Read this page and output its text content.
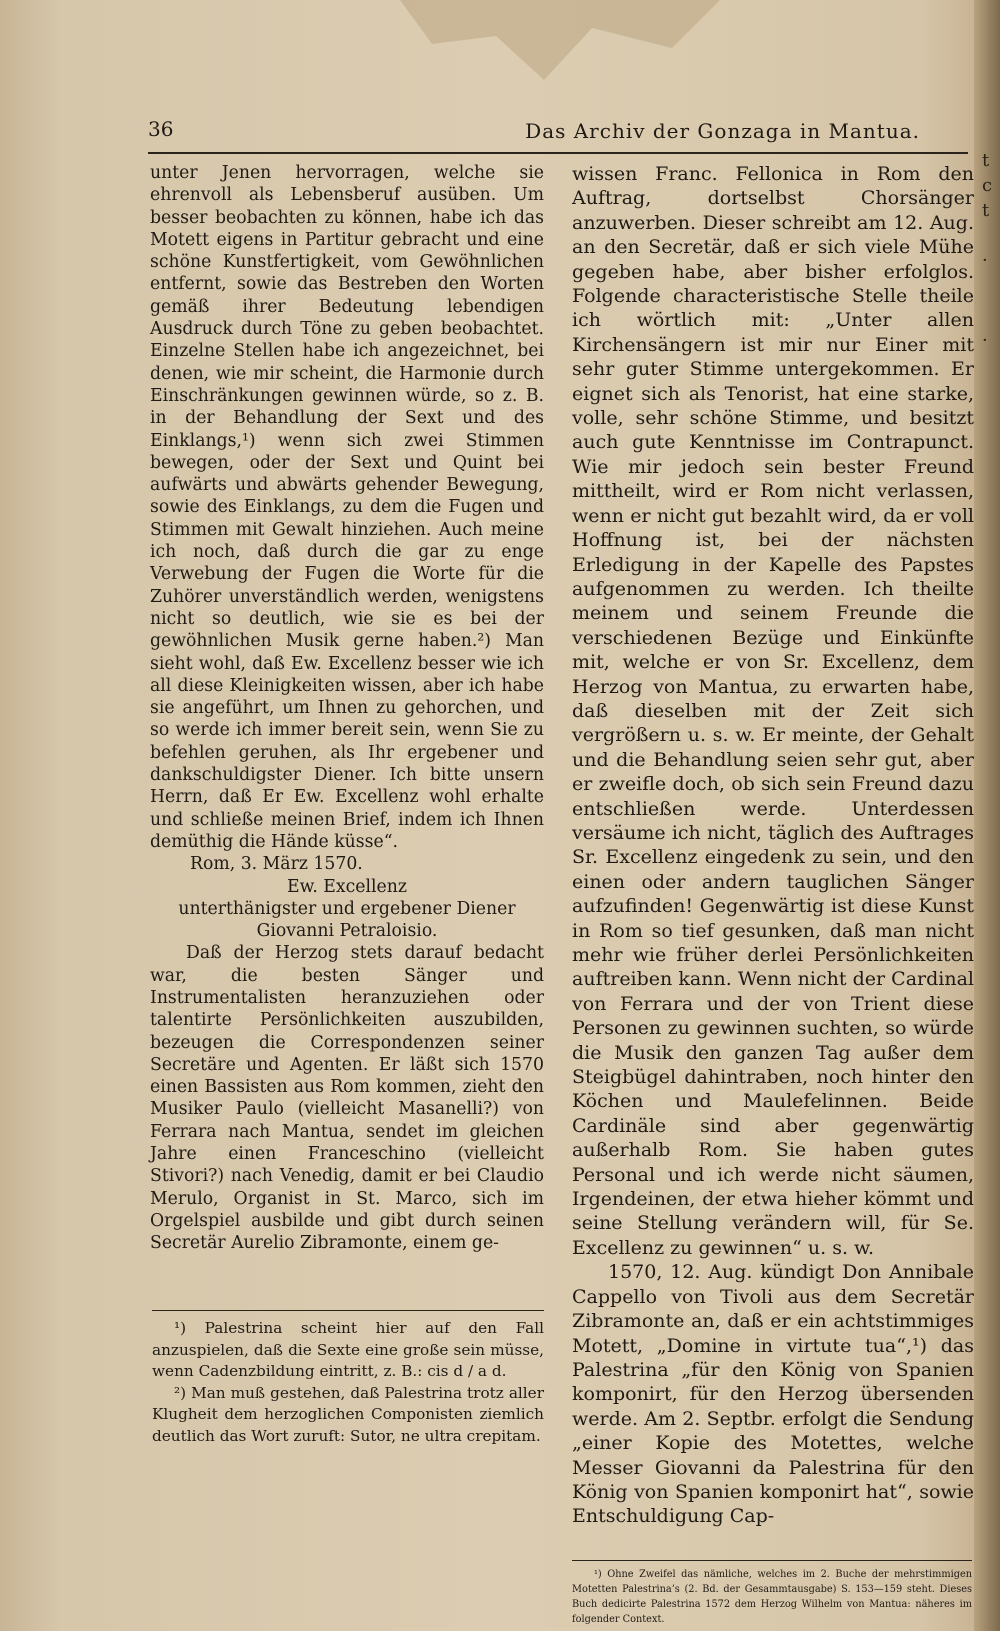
t
c
t
·
·
36	Das Archiv der Gonzaga in Mantua.

unter Jenen hervorragen, welche sie ehrenvoll als Lebensberuf ausüben. Um besser beobachten zu können, habe ich das Motett eigens in Partitur gebracht und eine schöne Kunstfertigkeit, vom Gewöhnlichen entfernt, sowie das Bestreben den Worten gemäß ihrer Bedeutung lebendigen Ausdruck durch Töne zu geben beobachtet. Einzelne Stellen habe ich angezeichnet, bei denen, wie mir scheint, die Harmonie durch Einschränkungen gewinnen würde, so z. B. in der Behandlung der Sext und des Einklangs,¹) wenn sich zwei Stimmen bewegen, oder der Sext und Quint bei aufwärts und abwärts gehender Bewegung, sowie des Einklangs, zu dem die Fugen und Stimmen mit Gewalt hinziehen. Auch meine ich noch, daß durch die gar zu enge Verwebung der Fugen die Worte für die Zuhörer unverständlich werden, wenigstens nicht so deutlich, wie sie es bei der gewöhnlichen Musik gerne haben.²) Man sieht wohl, daß Ew. Excellenz besser wie ich all diese Kleinigkeiten wissen, aber ich habe sie angeführt, um Ihnen zu gehorchen, und so werde ich immer bereit sein, wenn Sie zu befehlen geruhen, als Ihr ergebener und dankschuldigster Diener. Ich bitte unsern Herrn, daß Er Ew. Excellenz wohl erhalte und schließe meinen Brief, indem ich Ihnen demüthig die Hände küsse“.

Rom, 3. März 1570.

Ew. Excellenz

unterthänigster und ergebener Diener

Giovanni Petraloisio.

Daß der Herzog stets darauf bedacht war, die besten Sänger und Instrumentalisten heranzuziehen oder talentirte Persönlichkeiten auszubilden, bezeugen die Correspondenzen seiner Secretäre und Agenten. Er läßt sich 1570 einen Bassisten aus Rom kommen, zieht den Musiker Paulo (vielleicht Masanelli?) von Ferrara nach Mantua, sendet im gleichen Jahre einen Franceschino (vielleicht Stivori?) nach Venedig, damit er bei Claudio Merulo, Organist in St. Marco, sich im Orgelspiel ausbilde und gibt durch seinen Secretär Aurelio Zibramonte, einem ge-

¹) Palestrina scheint hier auf den Fall anzuspielen, daß die Sexte eine große sein müsse, wenn Cadenzbildung eintritt, z. B.: cis d / a d.

²) Man muß gestehen, daß Palestrina trotz aller Klugheit dem herzoglichen Componisten ziemlich deutlich das Wort zuruft: Sutor, ne ultra crepitam.

wissen Franc. Fellonica in Rom den Auftrag, dortselbst Chorsänger anzuwerben. Dieser schreibt am 12. Aug. an den Secretär, daß er sich viele Mühe gegeben habe, aber bisher erfolglos. Folgende characteristische Stelle theile ich wörtlich mit: „Unter allen Kirchensängern ist mir nur Einer mit sehr guter Stimme untergekommen. Er eignet sich als Tenorist, hat eine starke, volle, sehr schöne Stimme, und besitzt auch gute Kenntnisse im Contrapunct. Wie mir jedoch sein bester Freund mittheilt, wird er Rom nicht verlassen, wenn er nicht gut bezahlt wird, da er voll Hoffnung ist, bei der nächsten Erledigung in der Kapelle des Papstes aufgenommen zu werden. Ich theilte meinem und seinem Freunde die verschiedenen Bezüge und Einkünfte mit, welche er von Sr. Excellenz, dem Herzog von Mantua, zu erwarten habe, daß dieselben mit der Zeit sich vergrößern u. s. w. Er meinte, der Gehalt und die Behandlung seien sehr gut, aber er zweifle doch, ob sich sein Freund dazu entschließen werde. Unterdessen versäume ich nicht, täglich des Auftrages Sr. Excellenz eingedenk zu sein, und den einen oder andern tauglichen Sänger aufzufinden! Gegenwärtig ist diese Kunst in Rom so tief gesunken, daß man nicht mehr wie früher derlei Persönlichkeiten auftreiben kann. Wenn nicht der Cardinal von Ferrara und der von Trient diese Personen zu gewinnen suchten, so würde die Musik den ganzen Tag außer dem Steigbügel dahintraben, noch hinter den Köchen und Maulefelinnen. Beide Cardinäle sind aber gegenwärtig außerhalb Rom. Sie haben gutes Personal und ich werde nicht säumen, Irgendeinen, der etwa hieher kömmt und seine Stellung verändern will, für Se. Excellenz zu gewinnen“ u. s. w.

1570, 12. Aug. kündigt Don Annibale Cappello von Tivoli aus dem Secretär Zibramonte an, daß er ein achtstimmiges Motett, „Domine in virtute tua“,¹) das Palestrina „für den König von Spanien komponirt, für den Herzog übersenden werde. Am 2. Septbr. erfolgt die Sendung „einer Kopie des Motettes, welche Messer Giovanni da Palestrina für den König von Spanien komponirt hat“, sowie Entschuldigung Cap-

¹) Ohne Zweifel das nämliche, welches im 2. Buche der mehrstimmigen Motetten Palestrina’s (2. Bd. der Gesammtausgabe) S. 153—159 steht. Dieses Buch dedicirte Palestrina 1572 dem Herzog Wilhelm von Mantua: näheres im folgender Context.
